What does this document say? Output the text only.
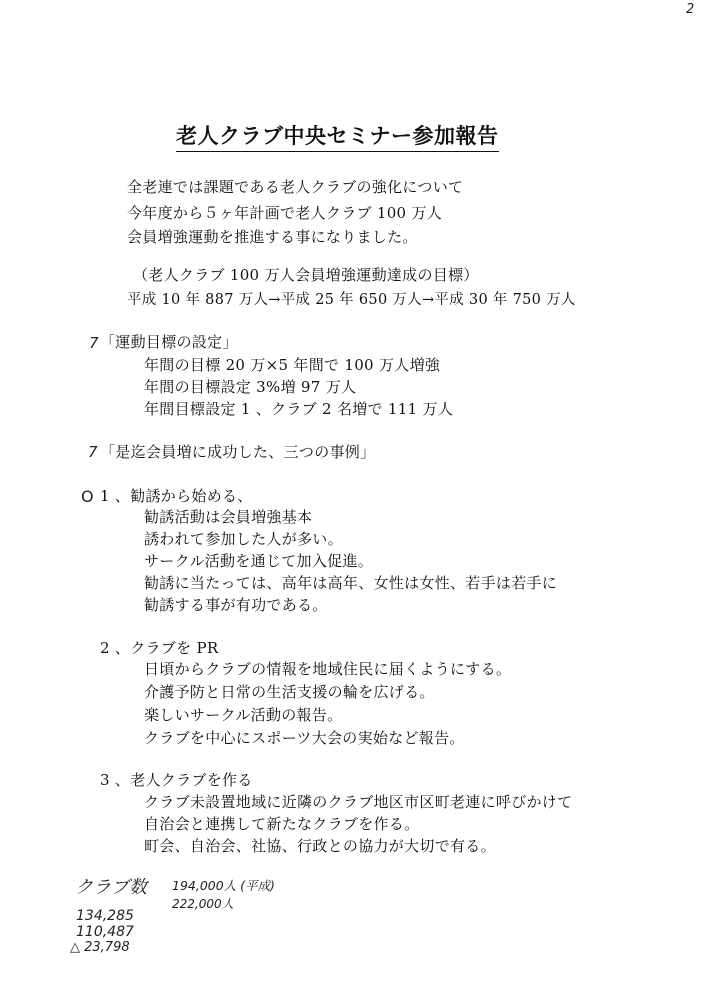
2
老人クラブ中央セミナー参加報告
全老連では課題である老人クラブの強化について
今年度から５ヶ年計画で老人クラブ 100 万人
会員増強運動を推進する事になりました。
（老人クラブ 100 万人会員増強運動達成の目標）
平成 10 年 887 万人→平成 25 年 650 万人→平成 30 年 750 万人
7 「運動目標の設定」
年間の目標 20 万×5 年間で 100 万人増強
年間の目標設定 3%増 97 万人
年間目標設定 1 、クラブ 2 名増で 111 万人
7 「是迄会員増に成功した、三つの事例」
O 1 、勧誘から始める、
勧誘活動は会員増強基本
誘われて参加した人が多い。
サークル活動を通じて加入促進。
勧誘に当たっては、高年は高年、女性は女性、若手は若手に
勧誘する事が有功である。
2 、クラブを PR
日頃からクラブの情報を地域住民に届くようにする。
介護予防と日常の生活支援の輪を広げる。
楽しいサークル活動の報告。
クラブを中心にスポーツ大会の実始など報告。
3 、老人クラブを作る
クラブ未設置地域に近隣のクラブ地区市区町老連に呼びかけて
自治会と連携して新たなクラブを作る。
町会、自治会、社協、行政との協力が大切で有る。
クラブ数 194,000人 (平成)
222,000人
134,285
110,487
△ 23,798
